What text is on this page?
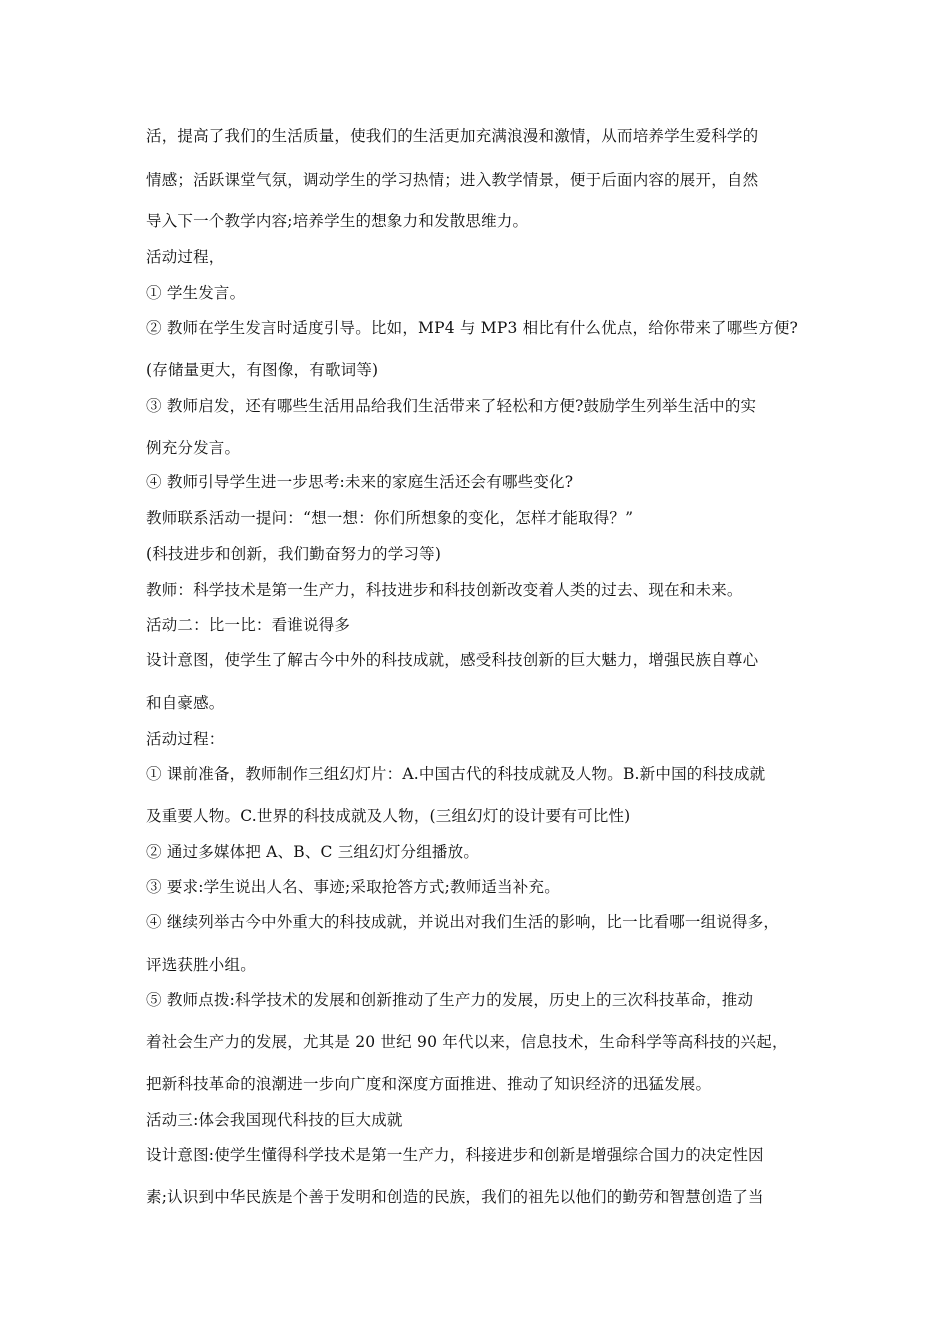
活，提高了我们的生活质量，使我们的生活更加充满浪漫和激情，从而培养学生爱科学的
情感；活跃课堂气氛，调动学生的学习热情；进入教学情景，便于后面内容的展开，自然
导入下一个教学内容;培养学生的想象力和发散思维力。
活动过程，
① 学生发言。
② 教师在学生发言时适度引导。比如，MP4 与 MP3 相比有什么优点，给你带来了哪些方便?
(存储量更大，有图像，有歌词等)
③ 教师启发，还有哪些生活用品给我们生活带来了轻松和方便?鼓励学生列举生活中的实
例充分发言。
④ 教师引导学生进一步思考:未来的家庭生活还会有哪些变化?
教师联系活动一提问：“想一想：你们所想象的变化，怎样才能取得？”
(科技进步和创新，我们勤奋努力的学习等)
教师：科学技术是第一生产力，科技进步和科技创新改变着人类的过去、现在和未来。
活动二：比一比：看谁说得多
设计意图，使学生了解古今中外的科技成就，感受科技创新的巨大魅力，增强民族自尊心
和自豪感。
活动过程：
① 课前准备，教师制作三组幻灯片：A.中国古代的科技成就及人物。B.新中国的科技成就
及重要人物。C.世界的科技成就及人物，(三组幻灯的设计要有可比性)
② 通过多媒体把 A、B、C 三组幻灯分组播放。
③ 要求:学生说出人名、事迹;采取抢答方式;教师适当补充。
④ 继续列举古今中外重大的科技成就，并说出对我们生活的影响，比一比看哪一组说得多，
评选获胜小组。
⑤ 教师点拨:科学技术的发展和创新推动了生产力的发展，历史上的三次科技革命，推动
着社会生产力的发展，尤其是 20 世纪 90 年代以来，信息技术，生命科学等高科技的兴起，
把新科技革命的浪潮进一步向广度和深度方面推进、推动了知识经济的迅猛发展。
活动三:体会我国现代科技的巨大成就
设计意图:使学生懂得科学技术是第一生产力，科接进步和创新是增强综合国力的决定性因
素;认识到中华民族是个善于发明和创造的民族，我们的祖先以他们的勤劳和智慧创造了当
